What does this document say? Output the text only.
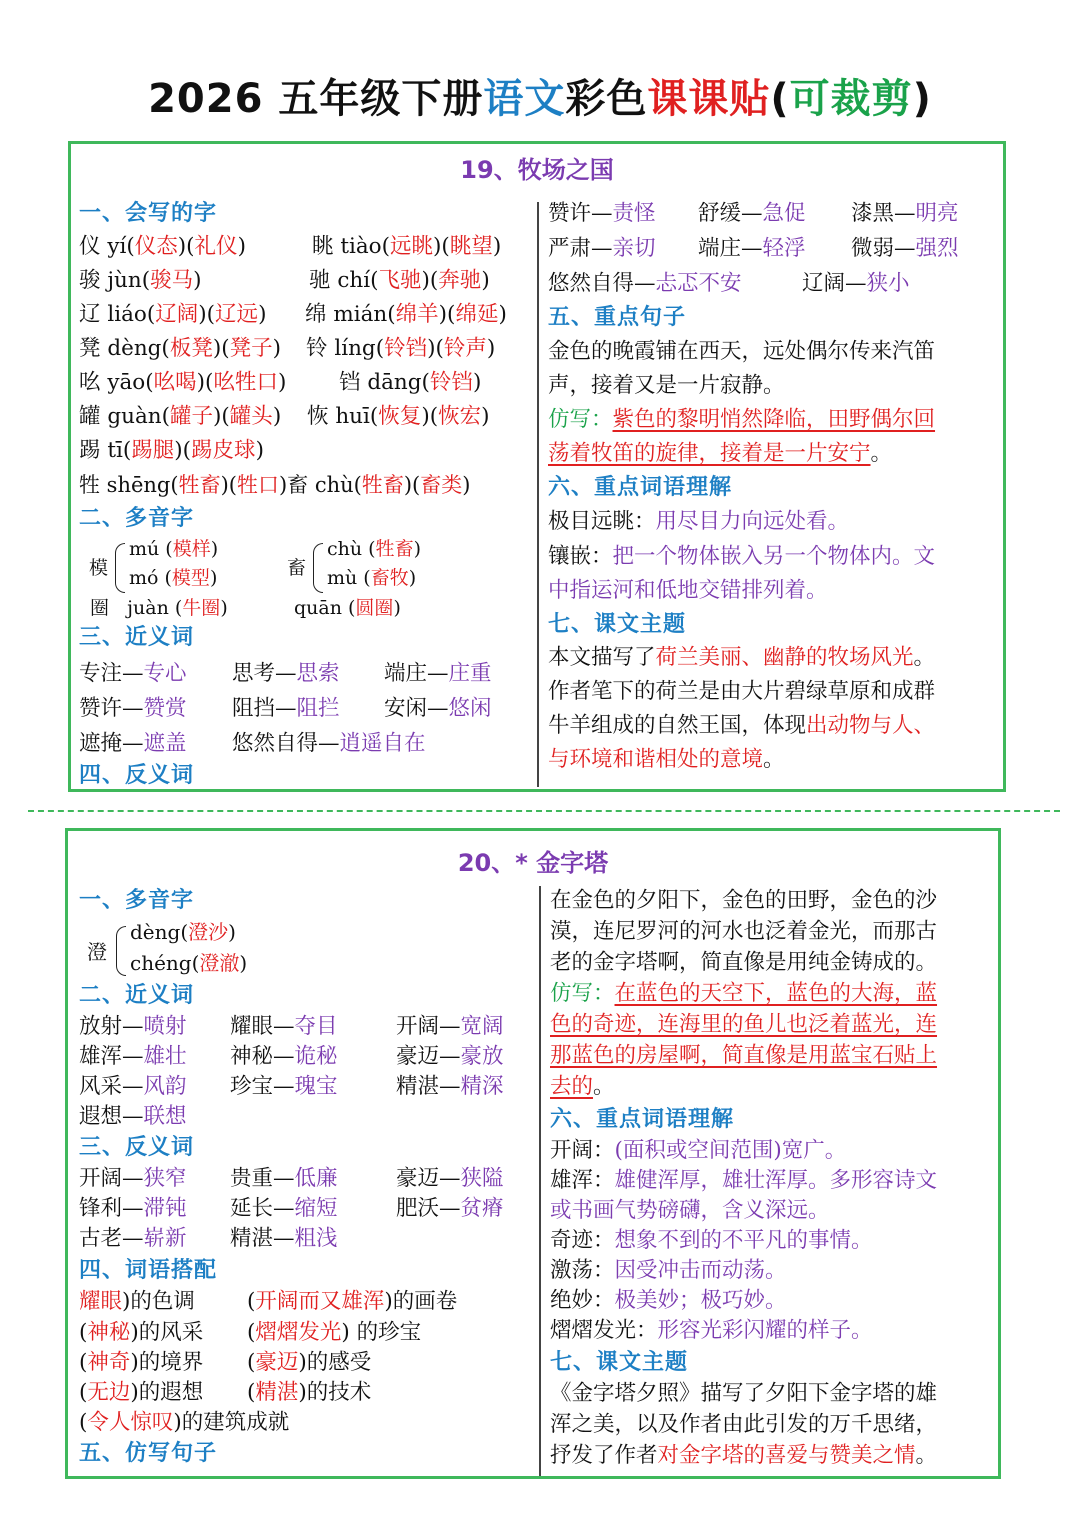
2026 五年级下册语文彩色课课贴(可裁剪)
19、牧场之国
一、会写的字
仪 yí(仪态)(礼仪)	眺 tiào(远眺)(眺望)
骏 jùn(骏马)	驰 chí(飞驰)(奔驰)
辽 liáo(辽阔)(辽远) 绵 mián(绵羊)(绵延)
凳 dèng(板凳)(凳子) 铃 líng(铃铛)(铃声)
吆 yāo(吆喝)(吆牲口) 铛 dāng(铃铛)
罐 guàn(罐子)(罐头) 恢 huī(恢复)(恢宏)
踢 tī(踢腿)(踢皮球)
牲 shēng(牲畜)(牲口)畜 chù(牲畜)(畜类)
二、多音字
模
mú (模样)
mó (模型)	畜
chù (牲畜)
mù (畜牧)
圈 juàn (牛圈)	quān (圆圈)
三、近义词
专注—专心 思考—思索 端庄—庄重
赞许—赞赏 阻挡—阻拦 安闲—悠闲
遮掩—遮盖 悠然自得—逍遥自在
四、反义词
赞许—责怪 舒缓—急促 漆黑—明亮
严肃—亲切 端庄—轻浮 微弱—强烈
悠然自得—忐忑不安	辽阔—狭小
五、重点句子
金色的晚霞铺在西天，远处偶尔传来汽笛
声，接着又是一片寂静。
仿写：紫色的黎明悄然降临，田野偶尔回
荡着牧笛的旋律，接着是一片安宁。
六、重点词语理解
极目远眺：用尽目力向远处看。
镶嵌：把一个物体嵌入另一个物体内。文
中指运河和低地交错排列着。
七、课文主题
本文描写了荷兰美丽、幽静的牧场风光。
作者笔下的荷兰是由大片碧绿草原和成群
牛羊组成的自然王国，体现出动物与人、
与环境和谐相处的意境。
20、* 金字塔
一、多音字
澄
dèng(澄沙)
chéng(澄澈)
二、近义词
放射—喷射 耀眼—夺目	开阔—宽阔
雄浑—雄壮 神秘—诡秘	豪迈—豪放
风采—风韵 珍宝—瑰宝	精湛—精深
遐想—联想
三、反义词
开阔—狭窄 贵重—低廉	豪迈—狭隘
锋利—滞钝 延长—缩短	肥沃—贫瘠
古老—崭新 精湛—粗浅
四、词语搭配
耀眼)的色调 (开阔而又雄浑)的画卷
(神秘)的风采 (熠熠发光) 的珍宝
(神奇)的境界 (豪迈)的感受
(无边)的遐想 (精湛)的技术
(令人惊叹)的建筑成就
五、仿写句子
在金色的夕阳下，金色的田野，金色的沙
漠，连尼罗河的河水也泛着金光，而那古
老的金字塔啊，简直像是用纯金铸成的。
仿写：在蓝色的天空下，蓝色的大海，蓝
色的奇迹，连海里的鱼儿也泛着蓝光，连
那蓝色的房屋啊，简直像是用蓝宝石贴上
去的。
六、重点词语理解
开阔：(面积或空间范围)宽广。
雄浑：雄健浑厚，雄壮浑厚。多形容诗文
或书画气势磅礴，含义深远。
奇迹：想象不到的不平凡的事情。
激荡：因受冲击而动荡。
绝妙：极美妙；极巧妙。
熠熠发光：形容光彩闪耀的样子。
七、课文主题
《金字塔夕照》描写了夕阳下金字塔的雄
浑之美，以及作者由此引发的万千思绪，
抒发了作者对金字塔的喜爱与赞美之情。
